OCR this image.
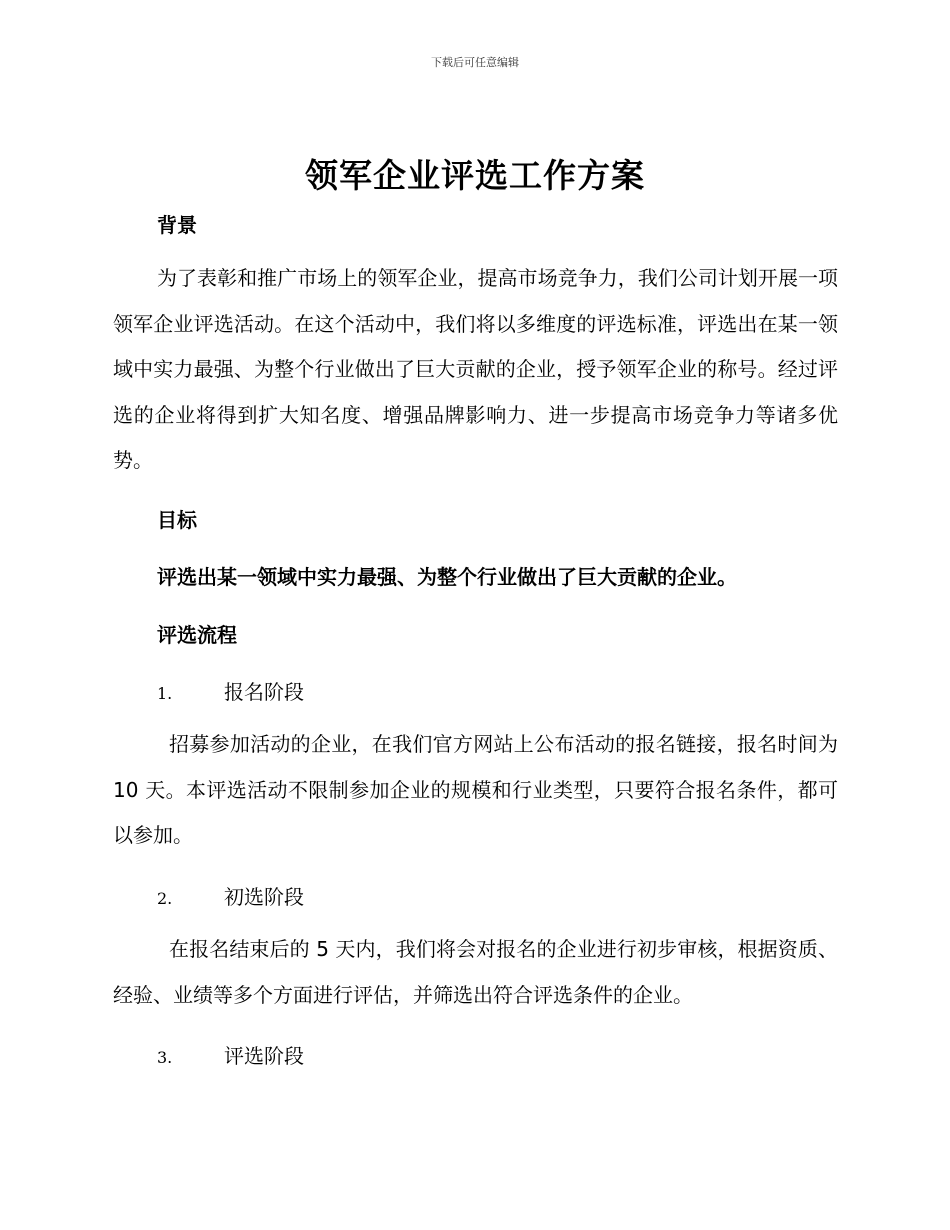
下载后可任意编辑
领军企业评选工作方案
背景
为了表彰和推广市场上的领军企业，提高市场竞争力，我们公司计划开展一项领军企业评选活动。在这个活动中，我们将以多维度的评选标准，评选出在某一领域中实力最强、为整个行业做出了巨大贡献的企业，授予领军企业的称号。经过评选的企业将得到扩大知名度、增强品牌影响力、进一步提高市场竞争力等诸多优势。
目标
评选出某一领域中实力最强、为整个行业做出了巨大贡献的企业。
评选流程
1.	报名阶段
招募参加活动的企业，在我们官方网站上公布活动的报名链接，报名时间为 10 天。本评选活动不限制参加企业的规模和行业类型，只要符合报名条件，都可以参加。
2.	初选阶段
在报名结束后的 5 天内，我们将会对报名的企业进行初步审核，根据资质、经验、业绩等多个方面进行评估，并筛选出符合评选条件的企业。
3.	评选阶段
